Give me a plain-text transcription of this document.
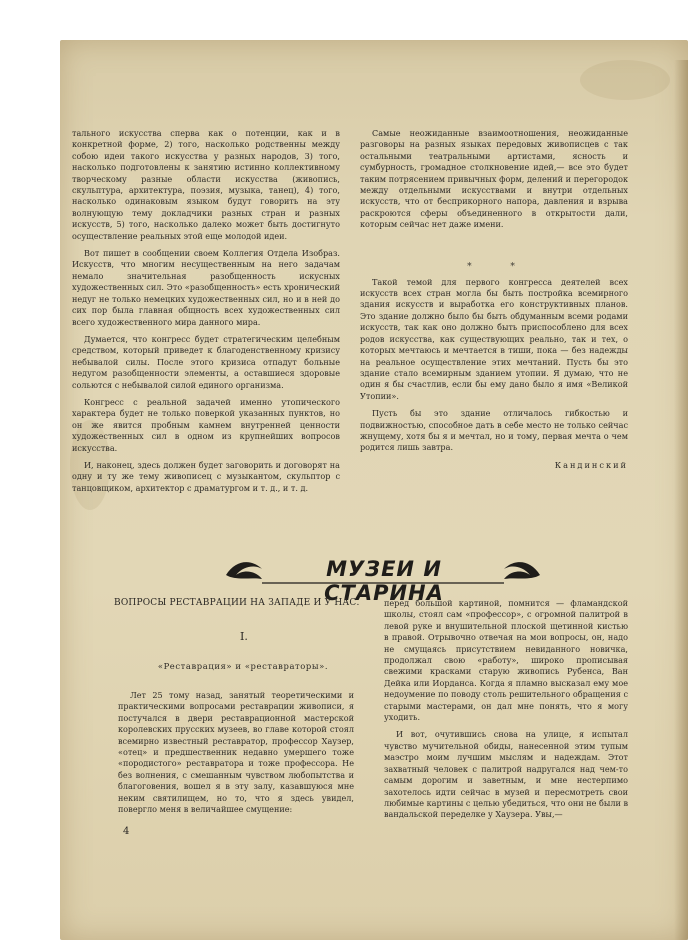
тального искусства сперва как о потенции, как и в конкретной форме, 2) того, насколько родственны между собою идеи такого искусства у разных народов, 3) того, насколько подготовлены к занятию истинно коллективному творческому разные области искусства (живопись, скульптура, архитектура, поэзия, музыка, танец), 4) того, насколько одинаковым языком будут говорить на эту волнующую тему докладчики разных стран и разных искусств, 5) того, насколько далеко может быть достигнуто осуществление реальных этой еще молодой идеи.

Вот пишет в сообщении своем Коллегия Отдела Изобраз. Искусств, что многим несущественным на него задачам немало значительная разобщенность искусных художественных сил. Это «разобщенность» есть хронический недуг не только немецких художественных сил, но и в ней до сих пор была главная общность всех художественных сил всего художественного мира данного мира.

Думается, что конгресс будет стратегическим целебным средством, который приведет к благоденственному кризису небывалой силы. После этого кризиса отпадут больные недугом разобщенности элементы, а оставшиеся здоровые сольются с небывалой силой единого организма.

Конгресс с реальной задачей именно утопического характера будет не только поверкой указанных пунктов, но он же явится пробным камнем внутренней ценности художественных сил в одном из крупнейших вопросов искусства.

И, наконец, здесь должен будет заговорить и договорят на одну и ту же тему живописец с музыкантом, скульптор с танцовщиком, архитектор с драматургом и т. д., и т. д.

Самые неожиданные взаимоотношения, неожиданные разговоры на разных языках передовых живописцев с так остальными театральными артистами, ясность и сумбурность, громадное столкновение идей,— все это будет таким потрясением привычных форм, делений и перегородок между отдельными искусствами и внутри отдельных искусств, что от бесприкорного напора, давления и взрыва раскроются сферы объединенного в открытости дали, которым сейчас нет даже имени.

Такой темой для первого конгресса деятелей всех искусств всех стран могла бы быть постройка всемирного здания искусств и выработка его конструктивных планов. Это здание должно было бы быть обдуманным всеми родами искусств, так как оно должно быть приспособлено для всех родов искусства, как существующих реально, так и тех, о которых мечтаюсь и мечтается в тиши, пока — без надежды на реальное осуществление этих мечтаний. Пусть бы это здание стало всемирным зданием утопии. Я думаю, что не один я бы счастлив, если бы ему дано было я имя «Великой Утопии».

Пусть бы это здание отличалось гибкостью и подвижностью, способное дать в себе место не только сейчас жнущему, хотя бы я и мечтал, но и тому, первая мечта о чем родится лишь завтра.

Кандинский
* *
МУЗЕИ И СТАРИНА
ВОПРОСЫ РЕСТАВРАЦИИ НА ЗАПАДЕ И У НАС.
I.
«Реставрация» и «реставраторы».

Лет 25 тому назад, занятый теоретическими и практическими вопросами реставрации живописи, я постучался в двери реставрационной мастерской королевских прусских музеев, во главе которой стоял всемирно известный реставратор, профессор Хаузер, «отец» и предшественник недавно умершего тоже «породистого» реставратора и тоже профессора. Не без волнения, с смешанным чувством любопытства и благоговения, вошел я в эту залу, казавшуюся мне неким святилищем, но то, что я здесь увидел, повергло меня в величайшее смущение:

перед большой картиной, помнится — фламандской школы, стоял сам «профессор», с огромной палитрой в левой руке и внушительной плоской щетинной кистью в правой. Отрывочно отвечая на мои вопросы, он, надо не смущаясь присутствием невиданного новичка, продолжал свою «работу», широко прописывая свежими красками старую живопись Рубенса, Ван Дейка или Иорданса. Когда я пламно высказал ему мое недоумение по поводу столь решительного обращения с старыми мастерами, он дал мне понять, что я могу уходить.

И вот, очутившись снова на улице, я испытал чувство мучительной обиды, нанесенной этим тупым маэстро моим лучшим мыслям и надеждам. Этот захватный человек с палитрой надругался над чем-то самым дорогим и заветным, и мне нестерпимо захотелось идти сейчас в музей и пересмотреть свои любимые картины с целью убедиться, что они не были в вандальской переделке у Хаузера. Увы,—

4
